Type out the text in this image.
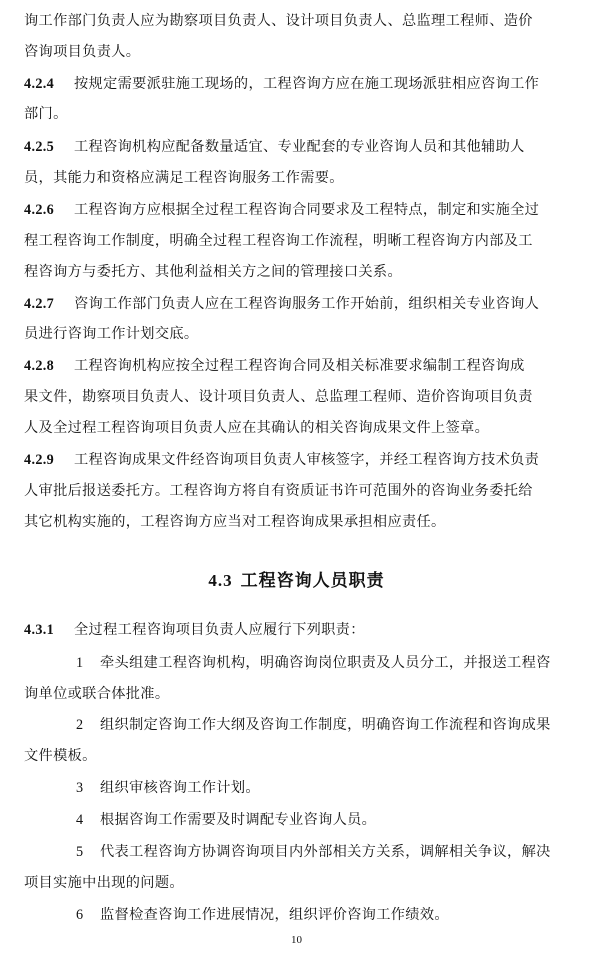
询工作部门负责人应为勘察项目负责人、设计项目负责人、总监理工程师、造价
咨询项目负责人。
4.2.4 按规定需要派驻施工现场的，工程咨询方应在施工现场派驻相应咨询工作
部门。
4.2.5 工程咨询机构应配备数量适宜、专业配套的专业咨询人员和其他辅助人
员，其能力和资格应满足工程咨询服务工作需要。
4.2.6 工程咨询方应根据全过程工程咨询合同要求及工程特点，制定和实施全过
程工程咨询工作制度，明确全过程工程咨询工作流程，明晰工程咨询方内部及工
程咨询方与委托方、其他利益相关方之间的管理接口关系。
4.2.7 咨询工作部门负责人应在工程咨询服务工作开始前，组织相关专业咨询人
员进行咨询工作计划交底。
4.2.8 工程咨询机构应按全过程工程咨询合同及相关标准要求编制工程咨询成
果文件，勘察项目负责人、设计项目负责人、总监理工程师、造价咨询项目负责
人及全过程工程咨询项目负责人应在其确认的相关咨询成果文件上签章。
4.2.9 工程咨询成果文件经咨询项目负责人审核签字，并经工程咨询方技术负责
人审批后报送委托方。工程咨询方将自有资质证书许可范围外的咨询业务委托给
其它机构实施的，工程咨询方应当对工程咨询成果承担相应责任。
4.3 工程咨询人员职责
4.3.1 全过程工程咨询项目负责人应履行下列职责：
1 牵头组建工程咨询机构，明确咨询岗位职责及人员分工，并报送工程咨
询单位或联合体批准。
2 组织制定咨询工作大纲及咨询工作制度，明确咨询工作流程和咨询成果
文件模板。
3 组织审核咨询工作计划。
4 根据咨询工作需要及时调配专业咨询人员。
5 代表工程咨询方协调咨询项目内外部相关方关系，调解相关争议，解决
项目实施中出现的问题。
6 监督检查咨询工作进展情况，组织评价咨询工作绩效。
10
